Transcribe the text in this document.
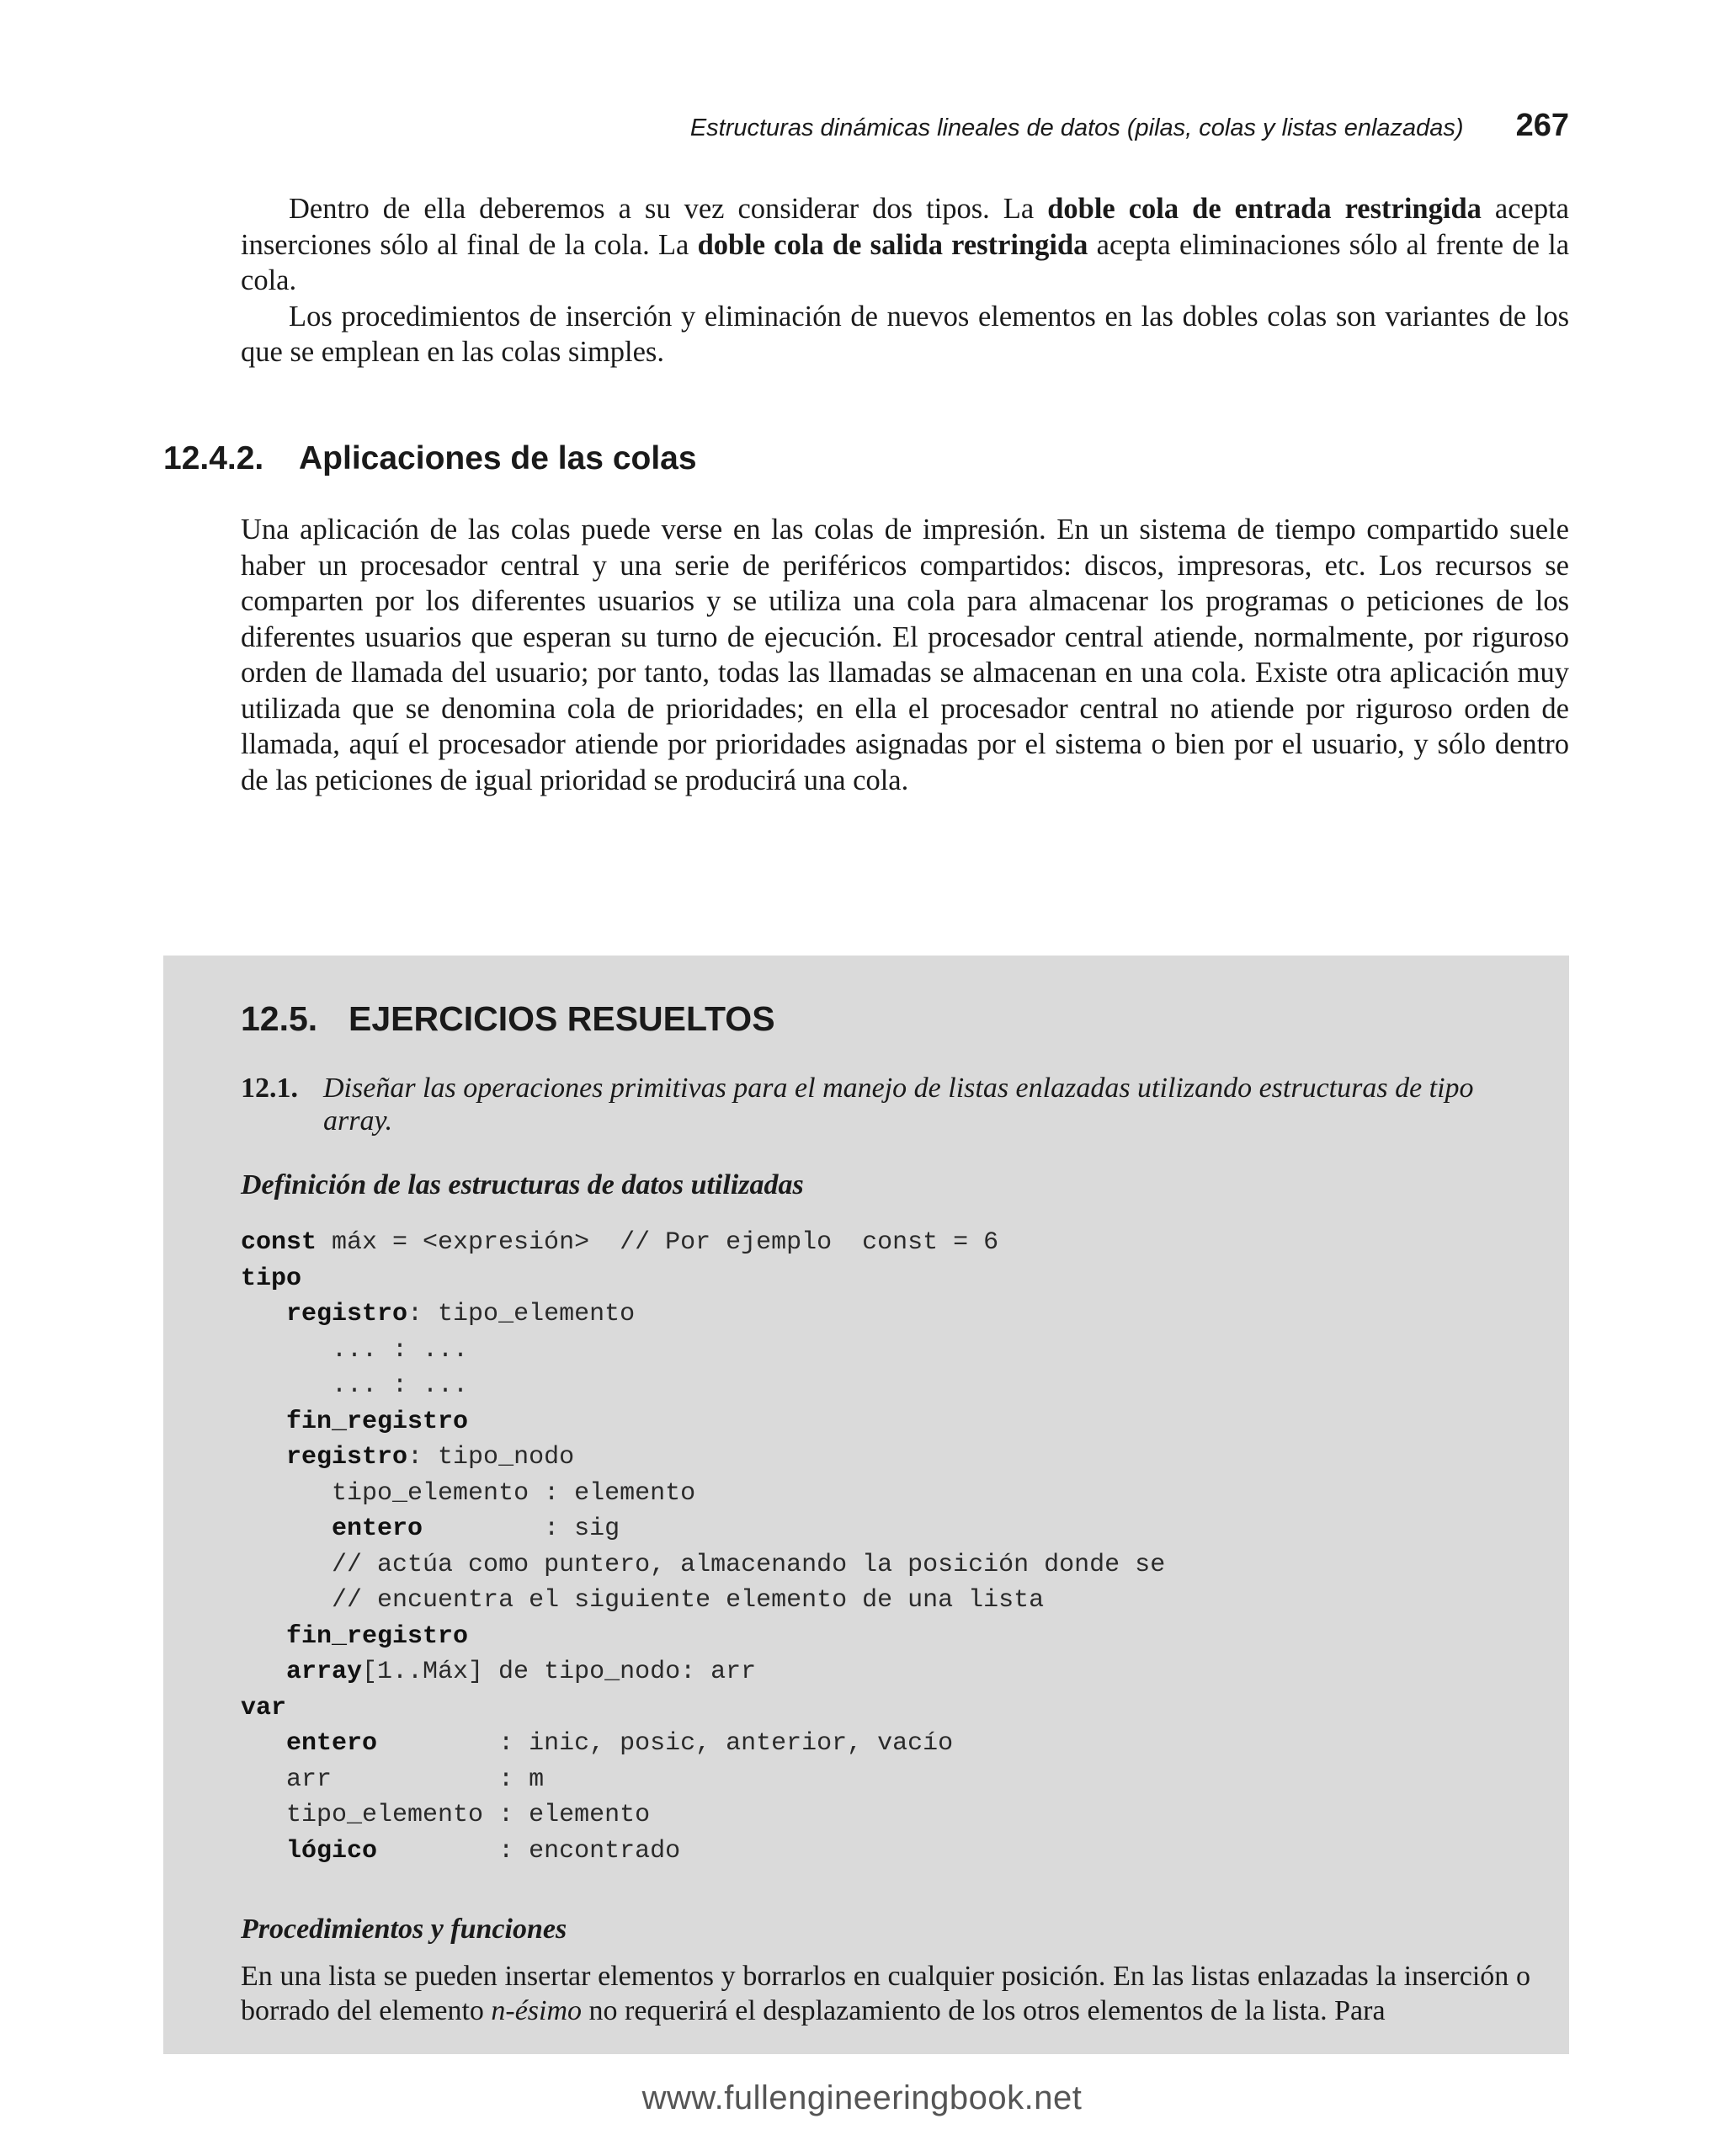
Estructuras dinámicas lineales de datos (pilas, colas y listas enlazadas) 267

Dentro de ella deberemos a su vez considerar dos tipos. La doble cola de entrada restringida acepta inserciones sólo al final de la cola. La doble cola de salida restringida acepta eliminaciones sólo al frente de la cola.

Los procedimientos de inserción y eliminación de nuevos elementos en las dobles colas son variantes de los que se emplean en las colas simples.

12.4.2. Aplicaciones de las colas

Una aplicación de las colas puede verse en las colas de impresión. En un sistema de tiempo compartido suele haber un procesador central y una serie de periféricos compartidos: discos, impresoras, etc. Los recursos se comparten por los diferentes usuarios y se utiliza una cola para almacenar los programas o peticiones de los diferentes usuarios que esperan su turno de ejecución. El procesador central atiende, normalmente, por riguroso orden de llamada del usuario; por tanto, todas las llamadas se almacenan en una cola. Existe otra aplicación muy utilizada que se denomina cola de prioridades; en ella el procesador central no atiende por riguroso orden de llamada, aquí el procesador atiende por prioridades asignadas por el sistema o bien por el usuario, y sólo dentro de las peticiones de igual prioridad se producirá una cola.

12.5. EJERCICIOS RESUELTOS
12.1. Diseñar las operaciones primitivas para el manejo de listas enlazadas utilizando estructuras de tipo array.
Definición de las estructuras de datos utilizadas
const máx = <expresión>  // Por ejemplo  const = 6
tipo
registro: tipo_elemento
... : ...
... : ...
fin_registro
registro: tipo_nodo
tipo_elemento : elemento
entero        : sig
// actúa como puntero, almacenando la posición donde se
// encuentra el siguiente elemento de una lista
fin_registro
array[1..Máx] de tipo_nodo: arr
var
entero        : inic, posic, anterior, vacío
arr           : m
tipo_elemento : elemento
lógico        : encontrado
Procedimientos y funciones
En una lista se pueden insertar elementos y borrarlos en cualquier posición. En las listas enlazadas la inserción o borrado del elemento n-ésimo no requerirá el desplazamiento de los otros elementos de la lista. Para
www.fullengineeringbook.net
